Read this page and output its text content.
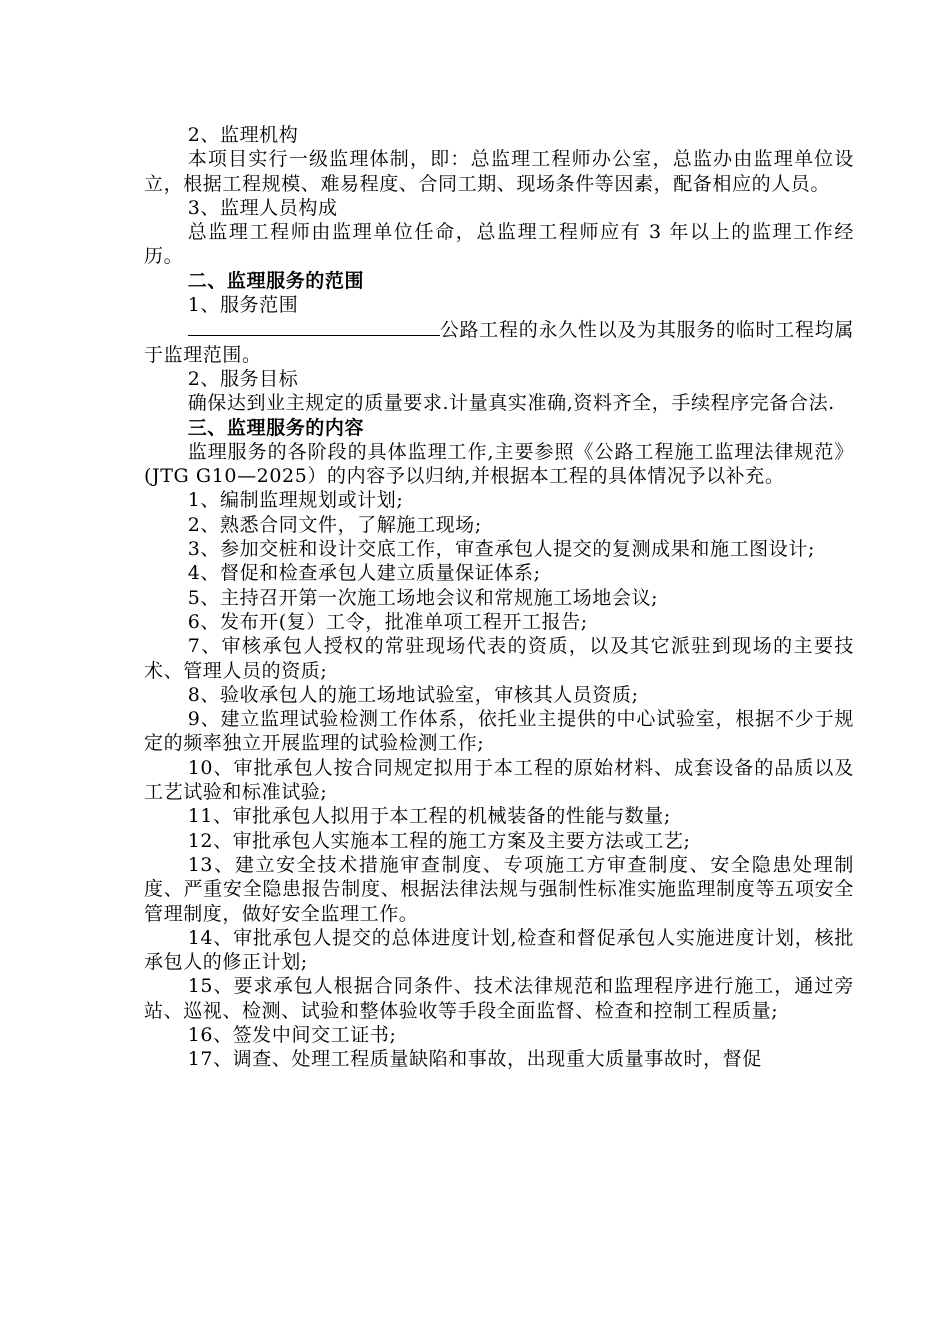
2、监理机构

本项目实行一级监理体制，即：总监理工程师办公室，总监办由监理单位设立，根据工程规模、难易程度、合同工期、现场条件等因素，配备相应的人员。

3、监理人员构成

总监理工程师由监理单位任命，总监理工程师应有 3 年以上的监理工作经历。

二、监理服务的范围

1、服务范围

公路工程的永久性以及为其服务的临时工程均属于监理范围。

2、服务目标

确保达到业主规定的质量要求.计量真实准确,资料齐全，手续程序完备合法.

三、监理服务的内容

监理服务的各阶段的具体监理工作,主要参照《公路工程施工监理法律规范》(JTG G10—2025）的内容予以归纳,并根据本工程的具体情况予以补充。

1、编制监理规划或计划;

2、熟悉合同文件，了解施工现场;

3、参加交桩和设计交底工作，审查承包人提交的复测成果和施工图设计;

4、督促和检查承包人建立质量保证体系;

5、主持召开第一次施工场地会议和常规施工场地会议;

6、发布开(复）工令，批准单项工程开工报告;

7、审核承包人授权的常驻现场代表的资质，以及其它派驻到现场的主要技术、管理人员的资质;

8、验收承包人的施工场地试验室，审核其人员资质;

9、建立监理试验检测工作体系，依托业主提供的中心试验室，根据不少于规定的频率独立开展监理的试验检测工作;

10、审批承包人按合同规定拟用于本工程的原始材料、成套设备的品质以及工艺试验和标准试验;

11、审批承包人拟用于本工程的机械装备的性能与数量;

12、审批承包人实施本工程的施工方案及主要方法或工艺;

13、建立安全技术措施审查制度、专项施工方审查制度、安全隐患处理制度、严重安全隐患报告制度、根据法律法规与强制性标准实施监理制度等五项安全管理制度，做好安全监理工作。

14、审批承包人提交的总体进度计划,检查和督促承包人实施进度计划，核批承包人的修正计划;

15、要求承包人根据合同条件、技术法律规范和监理程序进行施工，通过旁站、巡视、检测、试验和整体验收等手段全面监督、检查和控制工程质量;

16、签发中间交工证书;

17、调查、处理工程质量缺陷和事故，出现重大质量事故时，督促
